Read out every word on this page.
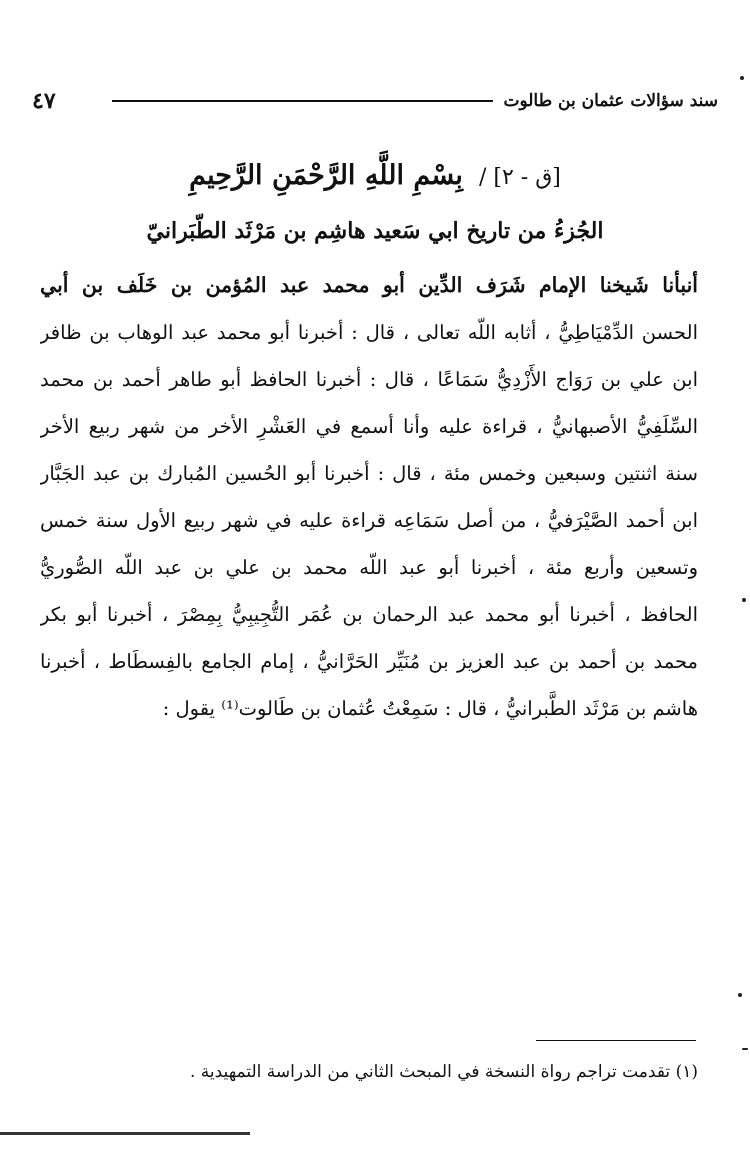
٤٧	سند سؤالات عثمان بن طالوت
[ق - ٢] / بِسْمِ اللَّهِ الرَّحْمَنِ الرَّحِيمِ
الجُزءُ من تاريخ ابي سَعيد هاشِم بن مَرْثَد الطّبَرانيّ
أنبأنا شَيخنا الإمام شَرَف الدِّين أبو محمد عبد المُؤمن بن خَلَف بن أبي
الحسن الدِّمْيَاطِيُّ ، أثابه اللّه تعالى ، قال : أخبرنا أبو محمد عبد الوهاب بن ظافر
ابن علي بن رَوَاج الأَزْدِيُّ سَمَاعًا ، قال : أخبرنا الحافظ أبو طاهر أحمد بن محمد
السِّلَفِيُّ الأصبهانيُّ ، قراءة عليه وأنا أسمع في العَشْرِ الأخر من شهر ربيع الأخر
سنة اثنتين وسبعين وخمس مئة ، قال : أخبرنا أبو الحُسين المُبارك بن عبد الجَبَّار
ابن أحمد الصَّيْرَفيُّ ، من أصل سَمَاعِه قراءة عليه في شهر ربيع الأول سنة خمس
وتسعين وأربع مئة ، أخبرنا أبو عبد اللّه محمد بن علي بن عبد اللّه الصُّوريُّ
الحافظ ، أخبرنا أبو محمد عبد الرحمان بن عُمَر التُّجِيبِيُّ بِمِصْرَ ، أخبرنا أبو بكر
محمد بن أحمد بن عبد العزيز بن مُنَيِّر الحَرَّانيُّ ، إمام الجامع بالفِسطَاط ، أخبرنا
هاشم بن مَرْثَد الطَّبرانيُّ ، قال : سَمِعْتُ عُثمان بن طَالوت⁽¹⁾ يقول :
(١) تقدمت تراجم رواة النسخة في المبحث الثاني من الدراسة التمهيدية .
